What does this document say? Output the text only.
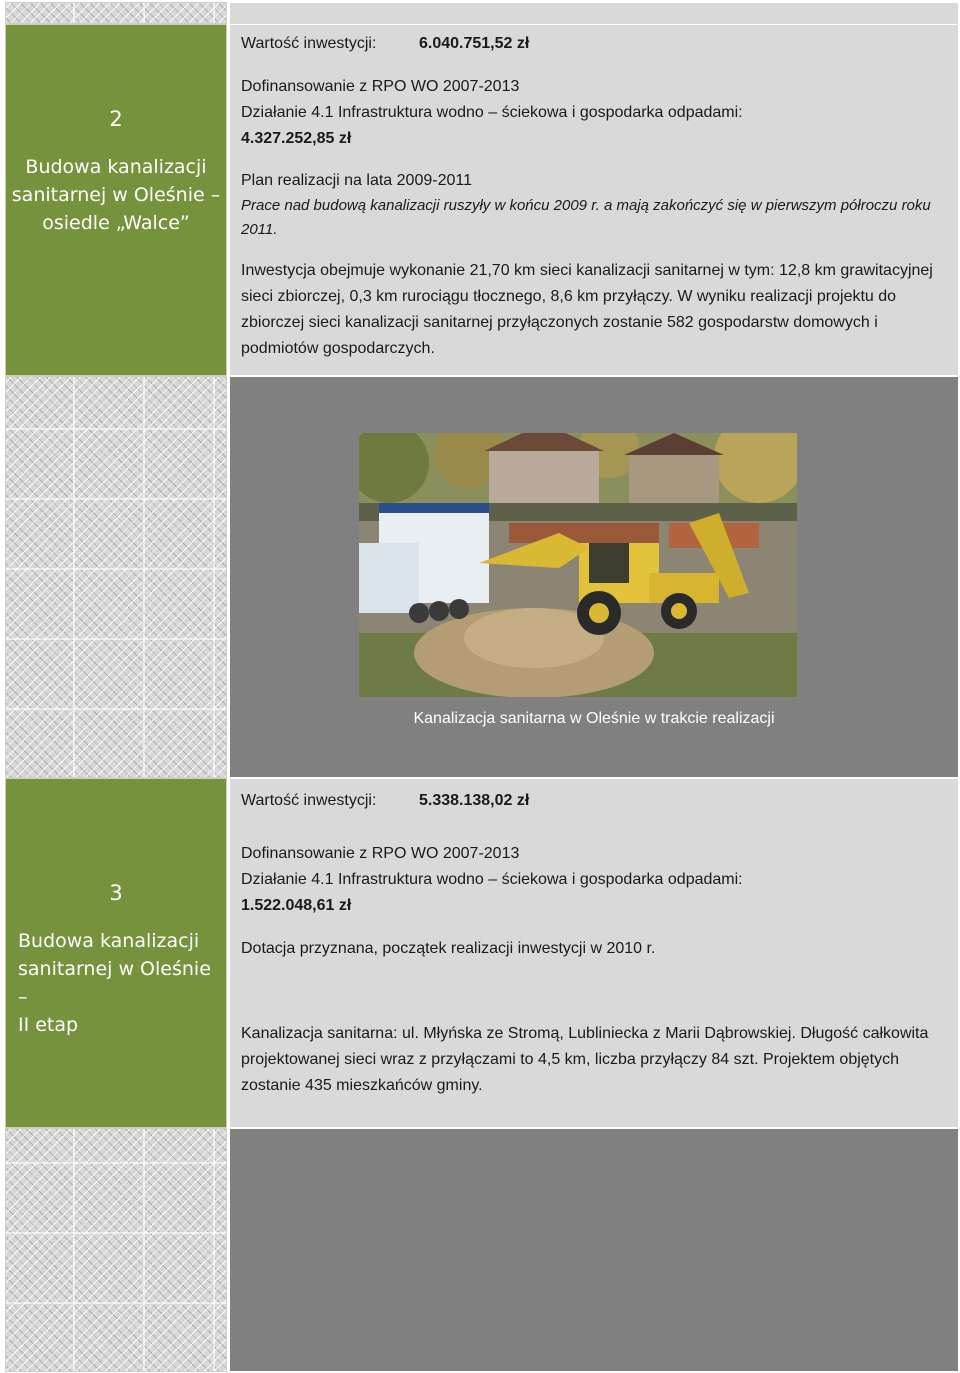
2
Budowa kanalizacji
sanitarnej w Oleśnie –
osiedle „Walce”
Wartość inwestycji:	6.040.751,52 zł
Dofinansowanie z RPO WO 2007-2013
Działanie 4.1 Infrastruktura wodno – ściekowa i gospodarka odpadami:
4.327.252,85 zł
Plan realizacji na lata 2009-2011
Prace nad budową kanalizacji ruszyły w końcu 2009 r. a mają zakończyć się w pierwszym półroczu roku 2011.
Inwestycja obejmuje wykonanie 21,70 km sieci kanalizacji sanitarnej w tym: 12,8 km grawitacyjnej sieci zbiorczej, 0,3 km rurociągu tłocznego, 8,6 km przyłączy. W wyniku realizacji projektu do zbiorczej sieci kanalizacji sanitarnej przyłączonych zostanie 582 gospodarstw domowych i podmiotów gospodarczych.
Kanalizacja sanitarna w Oleśnie w trakcie realizacji
3
Budowa kanalizacji
sanitarnej w Oleśnie –
II etap
Wartość inwestycji:	5.338.138,02 zł
Dofinansowanie z RPO WO 2007-2013
Działanie 4.1 Infrastruktura wodno – ściekowa i gospodarka odpadami:
1.522.048,61 zł
Dotacja przyznana, początek realizacji inwestycji w 2010 r.
Kanalizacja sanitarna: ul. Młyńska ze Stromą, Lubliniecka z Marii Dąbrowskiej. Długość całkowita projektowanej sieci wraz z przyłączami to 4,5 km, liczba przyłączy 84 szt. Projektem objętych zostanie 435 mieszkańców gminy.
